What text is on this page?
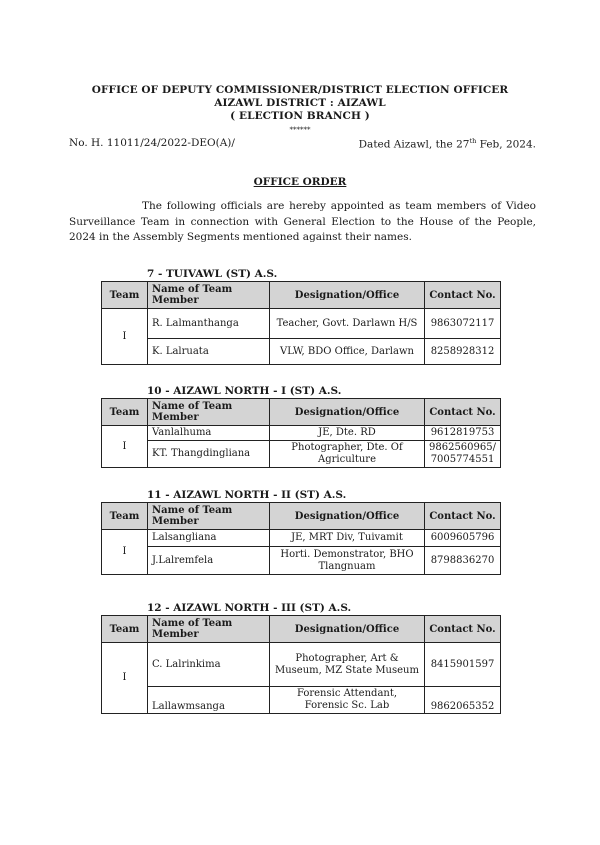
OFFICE OF DEPUTY COMMISSIONER/DISTRICT ELECTION OFFICER
AIZAWL DISTRICT : AIZAWL
( ELECTION BRANCH )
******
No. H. 11011/24/2022-DEO(A)/	Dated Aizawl, the 27th Feb, 2024.
OFFICE ORDER
The following officials are hereby appointed as team members of Video Surveillance Team in connection with General Election to the House of the People, 2024 in the Assembly Segments mentioned against their names.
7 - TUIVAWL (ST) A.S.
Team	Name of Team Member	Designation/Office	Contact No.
I	R. Lalmanthanga	Teacher, Govt. Darlawn H/S	9863072117
	K. Lalruata	VLW, BDO Office, Darlawn	8258928312
10 - AIZAWL NORTH - I (ST) A.S.
Team	Name of Team Member	Designation/Office	Contact No.
I	Vanlalhuma	JE, Dte. RD	9612819753
	KT. Thangdingliana	Photographer, Dte. Of Agriculture	9862560965/ 7005774551
11 - AIZAWL NORTH - II (ST) A.S.
Team	Name of Team Member	Designation/Office	Contact No.
I	Lalsangliana	JE, MRT Div, Tuivamit	6009605796
	J.Lalremfela	Horti. Demonstrator, BHO Tlangnuam	8798836270
12 - AIZAWL NORTH - III (ST) A.S.
Team	Name of Team Member	Designation/Office	Contact No.
I	C. Lalrinkima	Photographer, Art & Museum, MZ State Museum	8415901597
	Lallawmsanga	Forensic Attendant, Forensic Sc. Lab	9862065352
